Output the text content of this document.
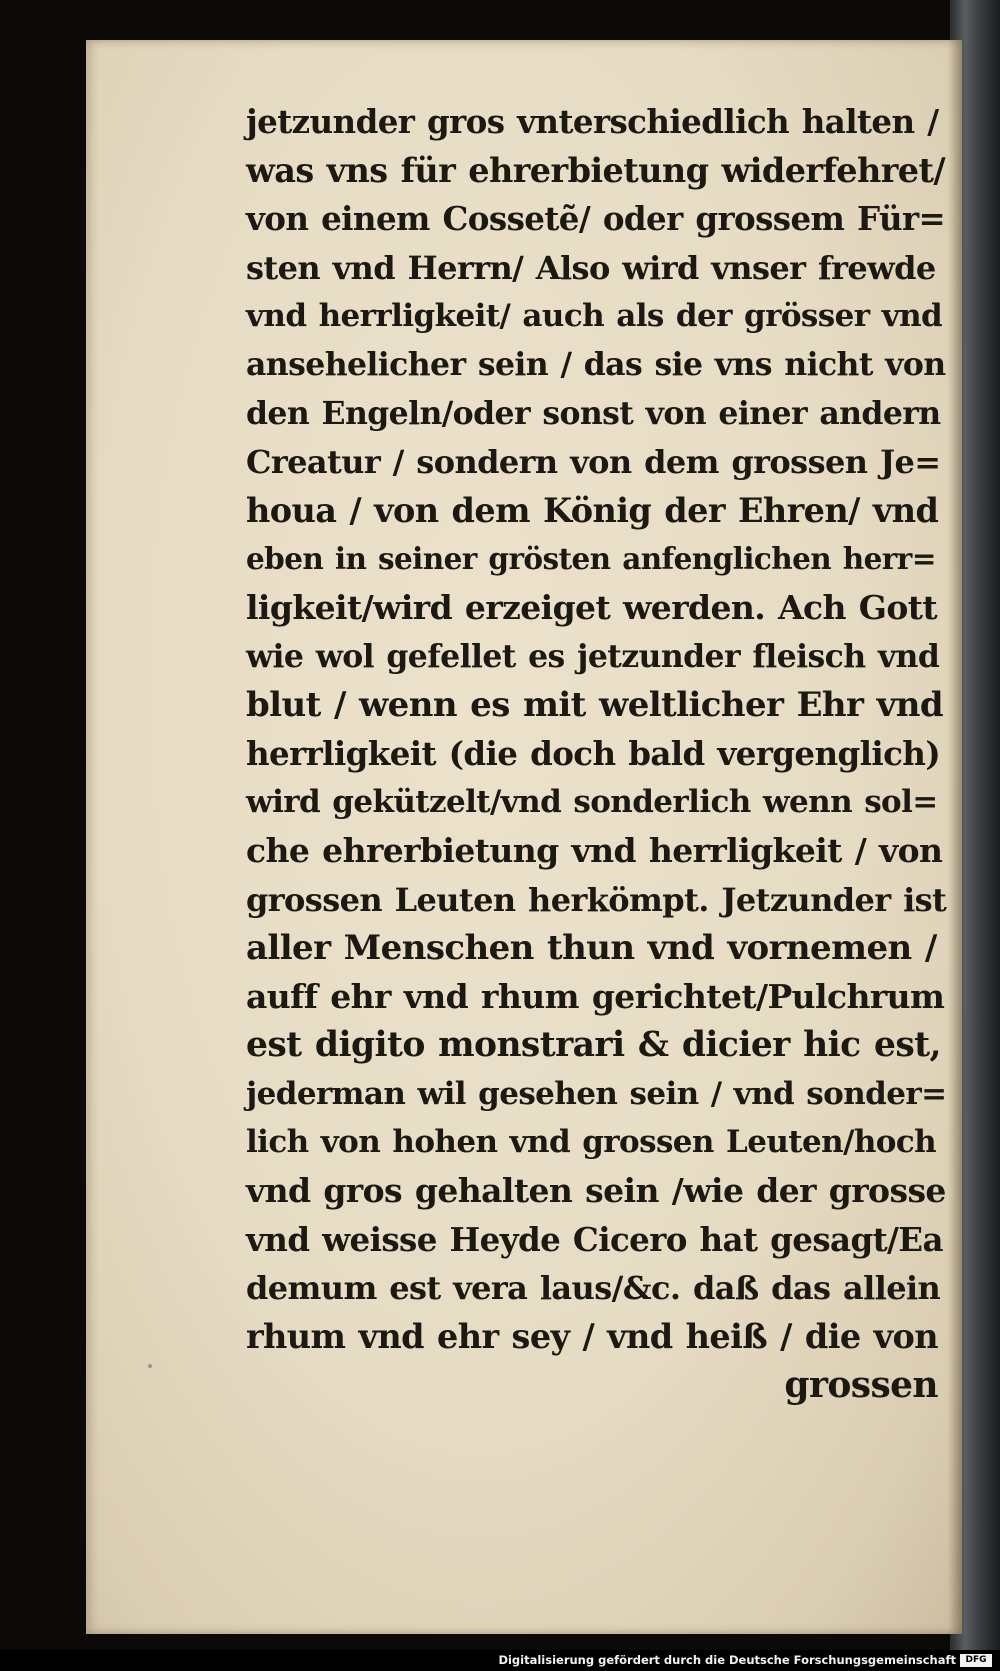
jetzunder gros vnterschiedlich halten /
was vns für ehrerbietung widerfehret/
von einem Cossetẽ/ oder grossem Für=
sten vnd Herrn/ Also wird vnser frewde
vnd herrligkeit/ auch als der grösser vnd
ansehelicher sein / das sie vns nicht von
den Engeln/oder sonst von einer andern
Creatur / sondern von dem grossen Je=
houa / von dem König der Ehren/ vnd
eben in seiner grösten anfenglichen herr=
ligkeit/wird erzeiget werden. Ach Gott
wie wol gefellet es jetzunder fleisch vnd
blut / wenn es mit weltlicher Ehr vnd
herrligkeit (die doch bald vergenglich)
wird gekützelt/vnd sonderlich wenn sol=
che ehrerbietung vnd herrligkeit / von
grossen Leuten herkömpt. Jetzunder ist
aller Menschen thun vnd vornemen /
auff ehr vnd rhum gerichtet/Pulchrum
est digito monstrari & dicier hic est,
jederman wil gesehen sein / vnd sonder=
lich von hohen vnd grossen Leuten/hoch
vnd gros gehalten sein /wie der grosse
vnd weisse Heyde Cicero hat gesagt/Ea
demum est vera laus/&c. daß das allein
rhum vnd ehr sey / vnd heiß / die von
grossen
Digitalisierung gefördert durch die Deutsche Forschungsgemeinschaft	DFG
